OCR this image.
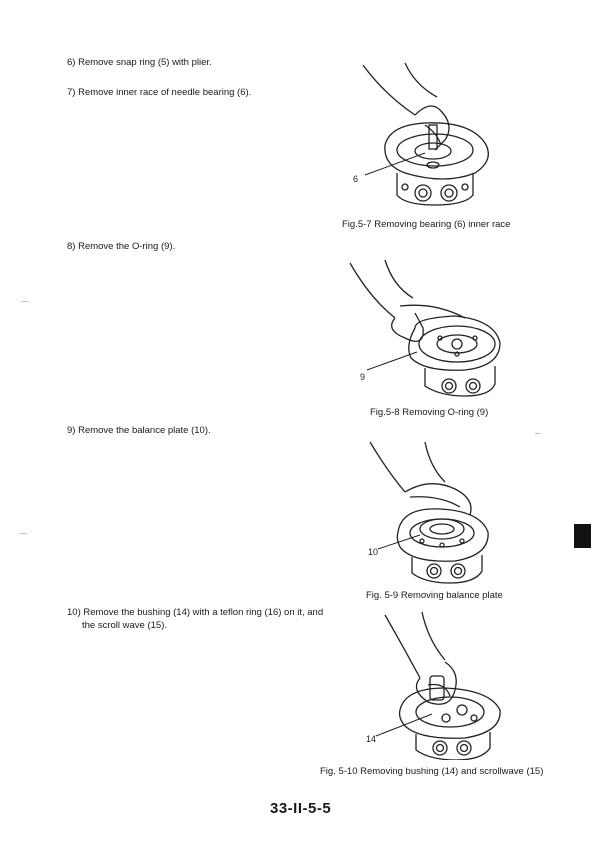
6) Remove snap ring (5) with plier.
7) Remove inner race of needle bearing (6).
8) Remove the O-ring (9).
9) Remove the balance plate (10).
10) Remove the bushing (14) with a teflon ring (16) on it, and the scroll wave (15).
6
Fig.5-7 Removing bearing (6) inner race
9
Fig.5-8 Removing O-ring (9)
10
Fig. 5-9 Removing balance plate
14
Fig. 5-10 Removing bushing (14) and scrollwave (15)
33-II-5-5
⌒
⌒
–
